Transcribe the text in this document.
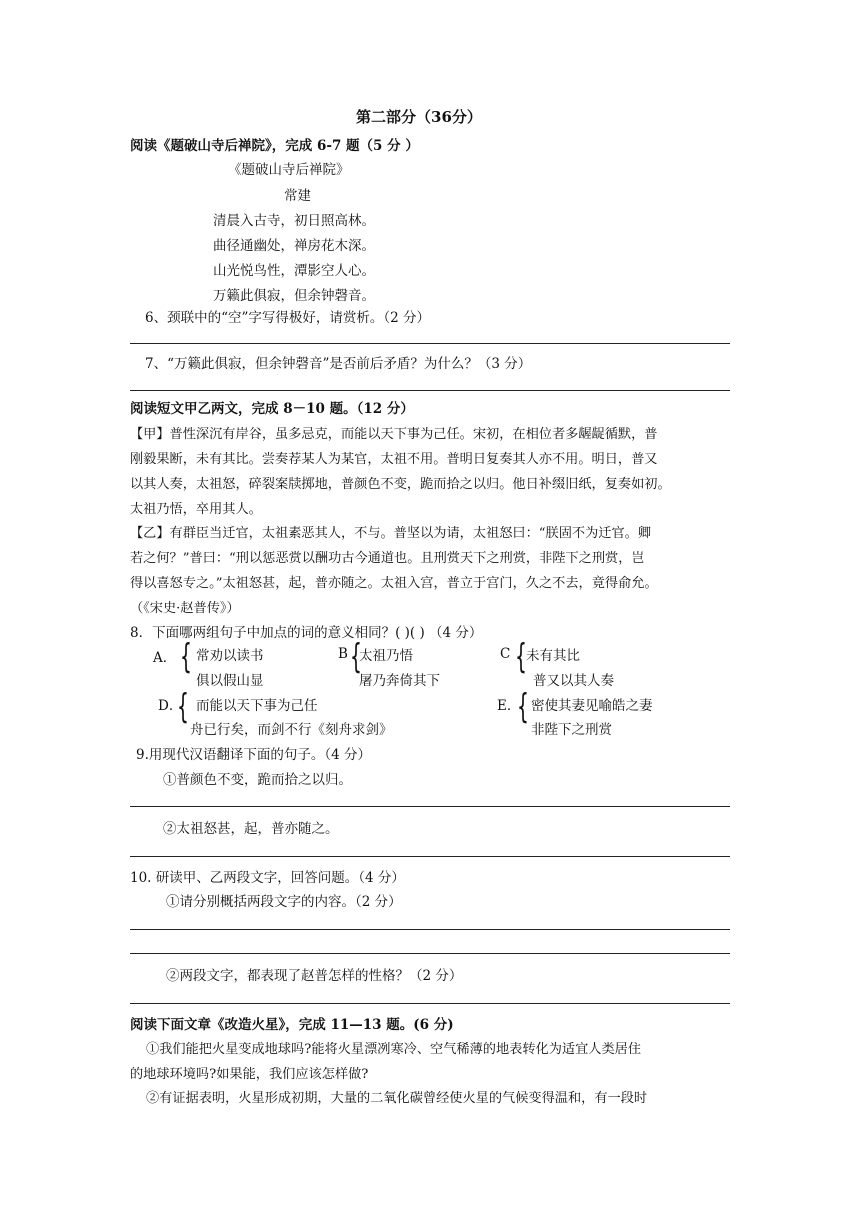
第二部分（36分）
阅读《题破山寺后禅院》，完成 6-7 题（5 分 ）
《题破山寺后禅院》
常建
清晨入古寺，初日照高林。
曲径通幽处，禅房花木深。
山光悦鸟性，潭影空人心。
万籁此俱寂，但余钟磬音。
6、颈联中的“空”字写得极好，请赏析。（2 分）
7、“万籁此俱寂，但余钟磬音”是否前后矛盾？为什么？（3 分）
阅读短文甲乙两文，完成 8－10 题。（12 分）
【甲】普性深沉有岸谷，虽多忌克，而能以天下事为己任。宋初，在相位者多龌龊循默，普
刚毅果断，未有其比。尝奏荐某人为某官，太祖不用。普明日复奏其人亦不用。明日，普又
以其人奏，太祖怒，碎裂案牍掷地，普颜色不变，跪而拾之以归。他日补缀旧纸，复奏如初。
太祖乃悟，卒用其人。
【乙】有群臣当迁官，太祖素恶其人，不与。普坚以为请，太祖怒曰：“朕固不为迁官。卿
若之何？”普曰：“刑以惩恶赏以酬功古今通道也。且刑赏天下之刑赏，非陛下之刑赏，岂
得以喜怒专之。”太祖怒甚，起，普亦随之。太祖入宫，普立于宫门，久之不去，竟得俞允。
（《宋史·赵普传》）
8．下面哪两组句子中加点的词的意义相同？( )( ) （4 分）
A． { 常劝以读书
俱以假山显
B {
太祖乃悟
屠乃奔倚其下
C { 未有其比
普又以其人奏
D．
{ 而能以天下事为己任
舟已行矣，而剑不行《刻舟求剑》
E．
{ 密使其妻见喻皓之妻
非陛下之刑赏
9.用现代汉语翻译下面的句子。（4 分）
①普颜色不变，跪而拾之以归。
②太祖怒甚，起，普亦随之。
10. 研读甲、乙两段文字，回答问题。（4 分）
①请分别概括两段文字的内容。（2 分）
②两段文字，都表现了赵普怎样的性格？（2 分）
阅读下面文章《改造火星》，完成 11—13 题。(6 分)
①我们能把火星变成地球吗?能将火星漂冽寒冷、空气稀薄的地表转化为适宜人类居住
的地球环境吗?如果能，我们应该怎样做?
②有证据表明，火星形成初期，大量的二氧化碳曾经使火星的气候变得温和，有一段时
